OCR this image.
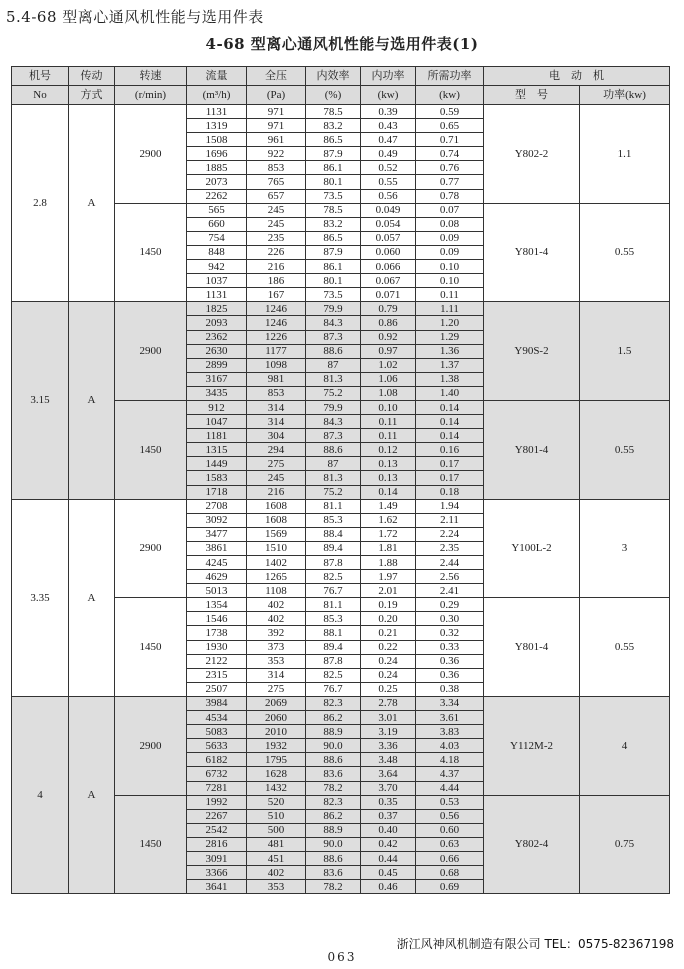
5.4-68 型离心通风机性能与选用件表
4-68 型离心通风机性能与选用件表(1)
机号	传动	转速	流量	全压	内效率	内功率	所需功率	电　动　机	
No	方式	(r/min)	(m³/h)	(Pa)	(%)	(kw)	(kw)	型　号	功率(kw)
2.8	A	2900	1131	971	78.5	0.39	0.59	Y802-2	1.1
			1319	971	83.2	0.43	0.65		
			1508	961	86.5	0.47	0.71		
			1696	922	87.9	0.49	0.74		
			1885	853	86.1	0.52	0.76		
			2073	765	80.1	0.55	0.77		
			2262	657	73.5	0.56	0.78		
		1450	565	245	78.5	0.049	0.07	Y801-4	0.55
			660	245	83.2	0.054	0.08		
			754	235	86.5	0.057	0.09		
			848	226	87.9	0.060	0.09		
			942	216	86.1	0.066	0.10		
			1037	186	80.1	0.067	0.10		
			1131	167	73.5	0.071	0.11		
3.15	A	2900	1825	1246	79.9	0.79	1.11	Y90S-2	1.5
			2093	1246	84.3	0.86	1.20		
			2362	1226	87.3	0.92	1.29		
			2630	1177	88.6	0.97	1.36		
			2899	1098	87	1.02	1.37		
			3167	981	81.3	1.06	1.38		
			3435	853	75.2	1.08	1.40		
		1450	912	314	79.9	0.10	0.14	Y801-4	0.55
			1047	314	84.3	0.11	0.14		
			1181	304	87.3	0.11	0.14		
			1315	294	88.6	0.12	0.16		
			1449	275	87	0.13	0.17		
			1583	245	81.3	0.13	0.17		
			1718	216	75.2	0.14	0.18		
3.35	A	2900	2708	1608	81.1	1.49	1.94	Y100L-2	3
			3092	1608	85.3	1.62	2.11		
			3477	1569	88.4	1.72	2.24		
			3861	1510	89.4	1.81	2.35		
			4245	1402	87.8	1.88	2.44		
			4629	1265	82.5	1.97	2.56		
			5013	1108	76.7	2.01	2.41		
		1450	1354	402	81.1	0.19	0.29	Y801-4	0.55
			1546	402	85.3	0.20	0.30		
			1738	392	88.1	0.21	0.32		
			1930	373	89.4	0.22	0.33		
			2122	353	87.8	0.24	0.36		
			2315	314	82.5	0.24	0.36		
			2507	275	76.7	0.25	0.38		
4	A	2900	3984	2069	82.3	2.78	3.34	Y112M-2	4
			4534	2060	86.2	3.01	3.61		
			5083	2010	88.9	3.19	3.83		
			5633	1932	90.0	3.36	4.03		
			6182	1795	88.6	3.48	4.18		
			6732	1628	83.6	3.64	4.37		
			7281	1432	78.2	3.70	4.44		
		1450	1992	520	82.3	0.35	0.53	Y802-4	0.75
			2267	510	86.2	0.37	0.56		
			2542	500	88.9	0.40	0.60		
			2816	481	90.0	0.42	0.63		
			3091	451	88.6	0.44	0.66		
			3366	402	83.6	0.45	0.68		
			3641	353	78.2	0.46	0.69		
浙江风神风机制造有限公司 TEL：0575-82367198
063
